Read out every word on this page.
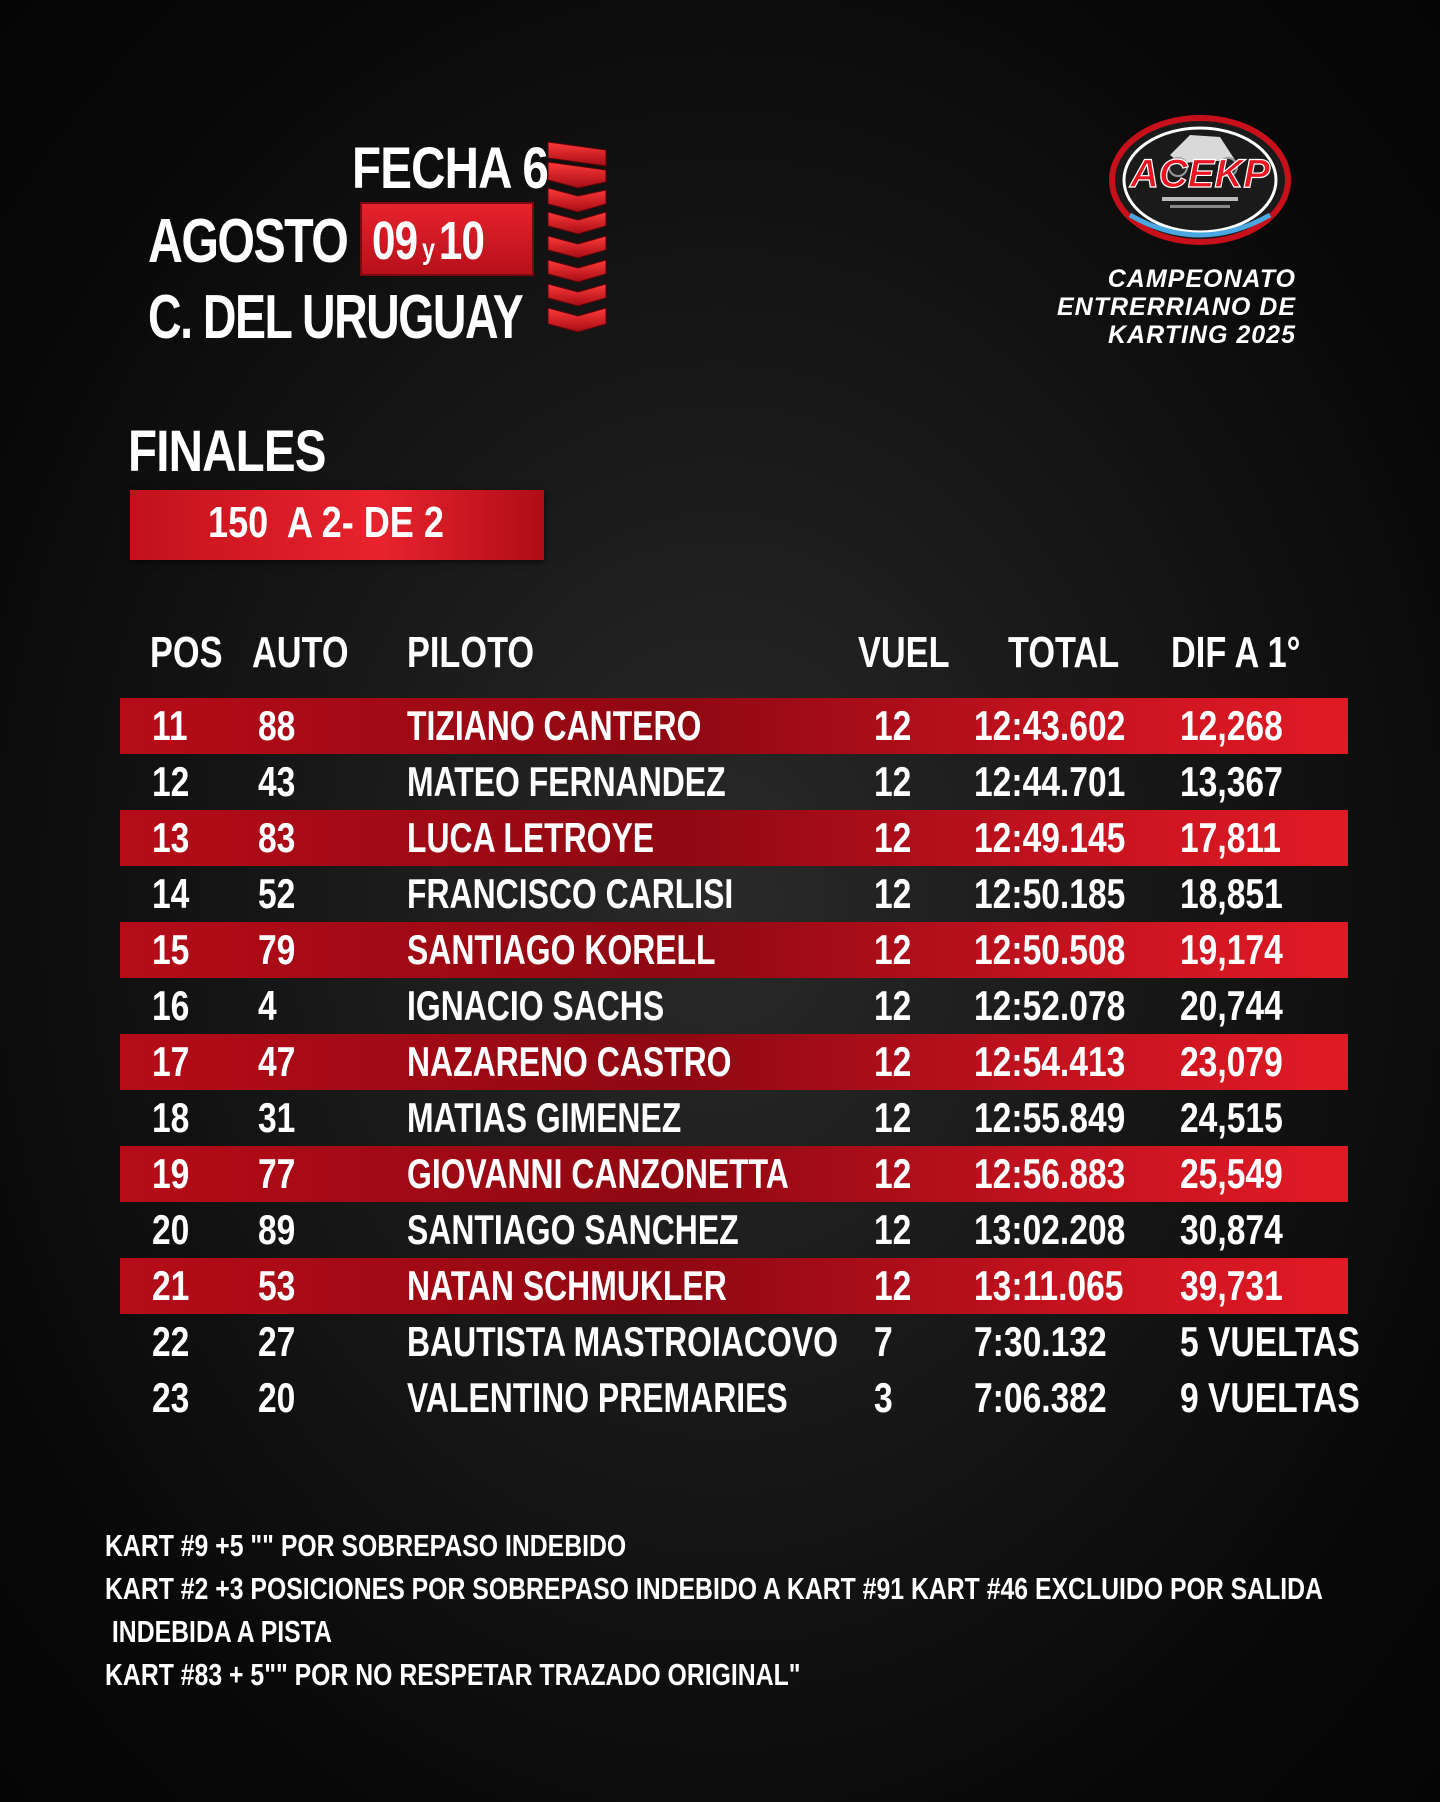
FECHA 6
AGOSTO 09 y10
C. DEL URUGUAY
ACEKP
CAMPEONATO
ENTRERRIANO DE
KARTING 2025
FINALES
150  A 2- DE 2
POS AUTO PILOTO	VUEL TOTAL DIF A 1°
11 88	TIZIANO CANTERO	12 12:43.602 12,268
12 43	MATEO FERNANDEZ	12 12:44.701 13,367
13 83	LUCA LETROYE	12 12:49.145 17,811
14 52	FRANCISCO CARLISI	12 12:50.185 18,851
15 79	SANTIAGO KORELL	12 12:50.508 19,174
16 4	IGNACIO SACHS	12 12:52.078 20,744
17 47	NAZARENO CASTRO	12 12:54.413 23,079
18 31	MATIAS GIMENEZ	12 12:55.849 24,515
19 77	GIOVANNI CANZONETTA 12 12:56.883 25,549
20 89	SANTIAGO SANCHEZ	12 13:02.208 30,874
21 53	NATAN SCHMUKLER	12 13:11.065 39,731
22 27	BAUTISTA MASTROIACOVO 7 7:30.132 5 VUELTAS
23 20	VALENTINO PREMARIES 3 7:06.382 9 VUELTAS
KART #9 +5 "" POR SOBREPASO INDEBIDO
KART #2 +3 POSICIONES POR SOBREPASO INDEBIDO A KART #91 KART #46 EXCLUIDO POR SALIDA
INDEBIDA A PISTA
KART #83 + 5"" POR NO RESPETAR TRAZADO ORIGINAL"
